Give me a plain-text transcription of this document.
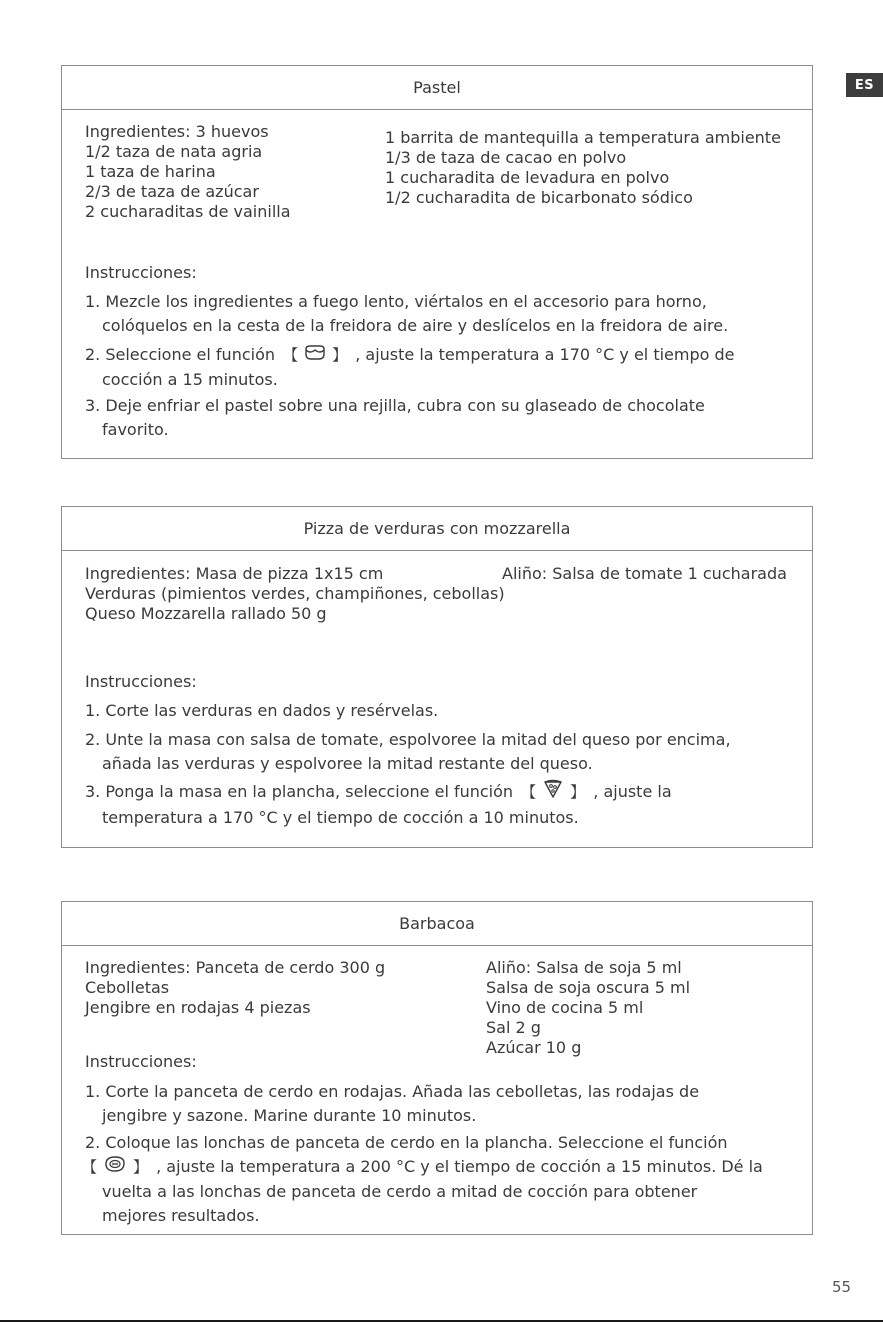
ES
Pastel
Ingredientes: 3 huevos
1/2 taza de nata agria
1 taza de harina
2/3 de taza de azúcar
2 cucharaditas de vainilla
1 barrita de mantequilla a temperatura ambiente
1/3 de taza de cacao en polvo
1 cucharadita de levadura en polvo
1/2 cucharadita de bicarbonato sódico
Instrucciones:
1. Mezcle los ingredientes a fuego lento, viértalos en el accesorio para horno,
colóquelos en la cesta de la freidora de aire y deslícelos en la freidora de aire.
2. Seleccione el función 【 】 , ajuste la temperatura a 170 °C y el tiempo de
cocción a 15 minutos.
3. Deje enfriar el pastel sobre una rejilla, cubra con su glaseado de chocolate
favorito.
Pizza de verduras con mozzarella
Ingredientes: Masa de pizza 1x15 cm
Verduras (pimientos verdes, champiñones, cebollas)
Queso Mozzarella rallado 50 g
Aliño: Salsa de tomate 1 cucharada
Instrucciones:
1. Corte las verduras en dados y resérvelas.
2. Unte la masa con salsa de tomate, espolvoree la mitad del queso por encima,
añada las verduras y espolvoree la mitad restante del queso.
3. Ponga la masa en la plancha, seleccione el función 【 】 , ajuste la
temperatura a 170 °C y el tiempo de cocción a 10 minutos.
Barbacoa
Ingredientes: Panceta de cerdo 300 g
Cebolletas
Jengibre en rodajas 4 piezas
Aliño: Salsa de soja 5 ml
Salsa de soja oscura 5 ml
Vino de cocina 5 ml
Sal 2 g
Azúcar 10 g
Instrucciones:
1. Corte la panceta de cerdo en rodajas. Añada las cebolletas, las rodajas de
jengibre y sazone. Marine durante 10 minutos.
2. Coloque las lonchas de panceta de cerdo en la plancha. Seleccione el función
【 】 , ajuste la temperatura a 200 °C y el tiempo de cocción a 15 minutos. Dé la
vuelta a las lonchas de panceta de cerdo a mitad de cocción para obtener
mejores resultados.
55
